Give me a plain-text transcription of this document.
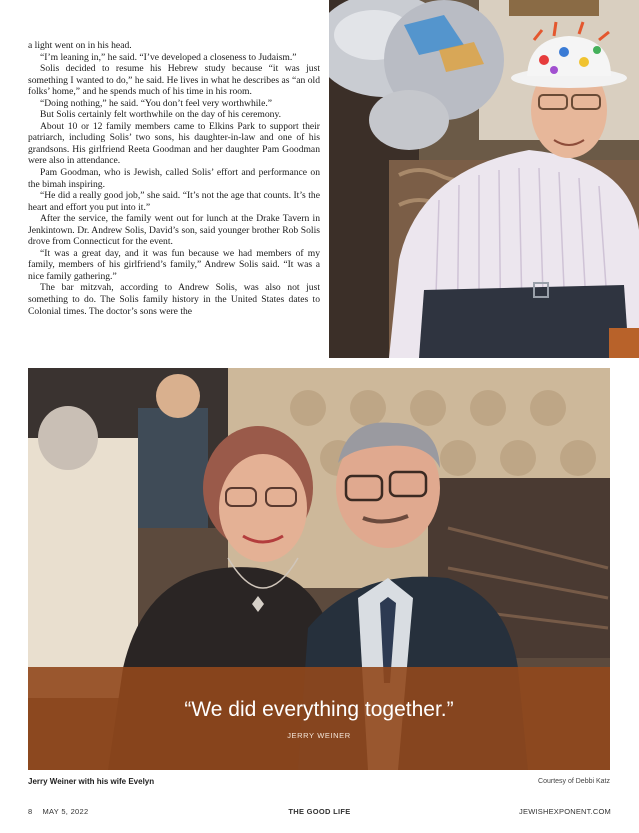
a light went on in his head.

“I’m leaning in,” he said. “I’ve developed a closeness to Judaism.”

Solis decided to resume his Hebrew study because “it was just something I wanted to do,” he said. He lives in what he describes as “an old folks’ home,” and he spends much of his time in his room.

“Doing nothing,” he said. “You don’t feel very worthwhile.”

But Solis certainly felt worthwhile on the day of his ceremony.

About 10 or 12 family members came to Elkins Park to support their patriarch, including Solis’ two sons, his daughter-in-law and one of his grandsons. His girlfriend Reeta Goodman and her daughter Pam Goodman were also in attendance.

Pam Goodman, who is Jewish, called Solis’ effort and performance on the bimah inspiring.

“He did a really good job,” she said. “It’s not the age that counts. It’s the heart and effort you put into it.”

After the service, the family went out for lunch at the Drake Tavern in Jenkintown. Dr. Andrew Solis, David’s son, said younger brother Rob Solis drove from Connecticut for the event.

“It was a great day, and it was fun because we had members of my family, members of his girlfriend’s family,” Andrew Solis said. “It was a nice family gathering.”

The bar mitzvah, according to Andrew Solis, was also not just something to do. The Solis family history in the United States dates to Colonial times. The doctor’s sons were the

“We did everything together.”
JERRY WEINER
Jerry Weiner with his wife Evelyn	Courtesy of Debbi Katz
8 MAY 5, 2022	THE GOOD LIFE	JEWISHEXPONENT.COM
